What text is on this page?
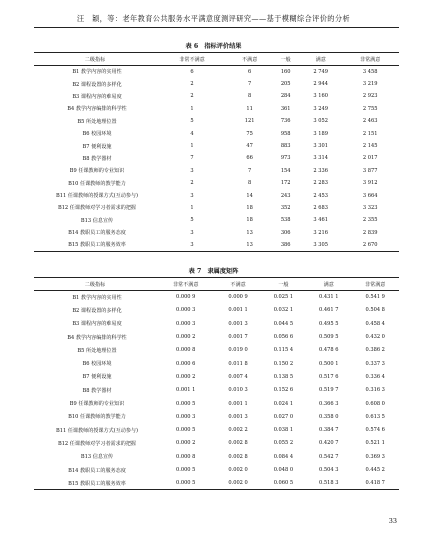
汪　颖，等：老年教育公共服务水平满意度测评研究——基于模糊综合评价的分析
表 6　指标评价结果
二级指标	非常不满意	不满意	一般	满意	非常满意
B1 教学内容的实用性	6	6	160	2 749	3 458
B2 课程设置的多样化	2	7	205	2 944	3 219
B3 课程内容的难易度	2	8	284	3 160	2 923
B4 教学内容编排的科学性	1	11	361	3 249	2 755
B5 所处地理位置	5	121	736	3 052	2 463
B6 校园环境	4	75	958	3 189	2 151
B7 便利设施	1	47	883	3 301	2 145
B8 教学器材	7	66	973	3 314	2 017
B9 任课教师的专业知识	3	7	154	2 336	3 877
B10 任课教师的教学能力	2	8	172	2 283	3 912
B11 任课教师的授课方式(互动参与)	3	14	243	2 453	3 664
B12 任课教师对学习者需求的把握	1	18	352	2 683	3 323
B13 信息宣传	5	18	538	3 461	2 355
B14 教职员工的服务态度	3	13	306	3 216	2 839
B15 教职员工的服务效率	3	13	386	3 305	2 670
表 7　隶属度矩阵
二级指标	非常不满意	不满意	一般	满意	非常满意
B1 教学内容的实用性	0.000 9	0.000 9	0.025 1	0.431 1	0.541 9
B2 课程设置的多样化	0.000 3	0.001 1	0.032 1	0.461 7	0.504 8
B3 课程内容的难易度	0.000 3	0.001 3	0.044 5	0.495 5	0.458 4
B4 教学内容编排的科学性	0.000 2	0.001 7	0.056 6	0.509 5	0.432 0
B5 所处地理位置	0.000 8	0.019 0	0.115 4	0.478 6	0.386 2
B6 校园环境	0.000 6	0.011 8	0.150 2	0.500 1	0.337 3
B7 便利设施	0.000 2	0.007 4	0.138 5	0.517 6	0.336 4
B8 教学器材	0.001 1	0.010 3	0.152 6	0.519 7	0.316 3
B9 任课教师的专业知识	0.000 5	0.001 1	0.024 1	0.366 3	0.608 0
B10 任课教师的教学能力	0.000 3	0.001 3	0.027 0	0.358 0	0.613 5
B11 任课教师的授课方式(互动参与)	0.000 5	0.002 2	0.038 1	0.384 7	0.574 6
B12 任课教师对学习者需求的把握	0.000 2	0.002 8	0.055 2	0.420 7	0.521 1
B13 信息宣传	0.000 8	0.002 8	0.084 4	0.542 7	0.369 3
B14 教职员工的服务态度	0.000 5	0.002 0	0.048 0	0.504 3	0.445 2
B15 教职员工的服务效率	0.000 5	0.002 0	0.060 5	0.518 3	0.418 7
33
